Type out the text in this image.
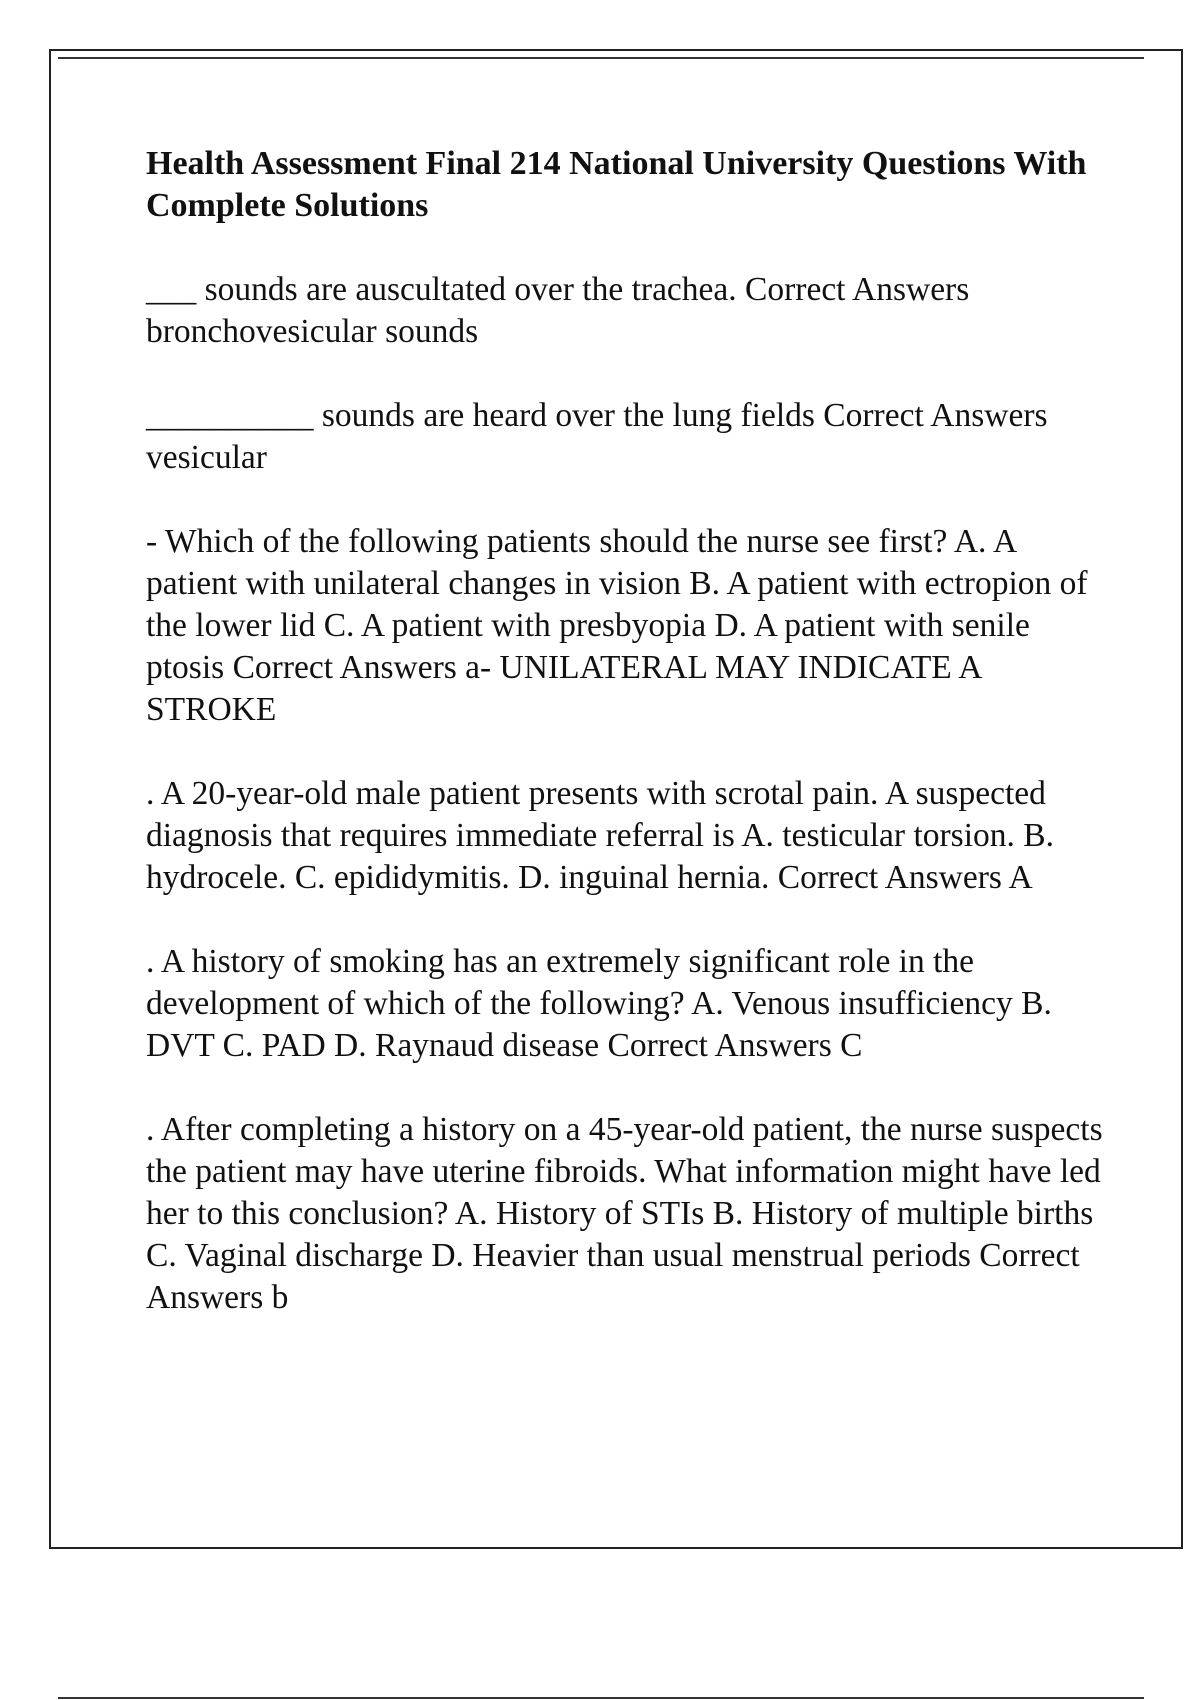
Health Assessment Final 214 National University Questions With Complete Solutions
___ sounds are auscultated over the trachea. Correct Answers bronchovesicular sounds
__________ sounds are heard over the lung fields Correct Answers vesicular
- Which of the following patients should the nurse see first? A. A patient with unilateral changes in vision B. A patient with ectropion of the lower lid C. A patient with presbyopia D. A patient with senile ptosis Correct Answers a- UNILATERAL MAY INDICATE A STROKE
. A 20-year-old male patient presents with scrotal pain. A suspected diagnosis that requires immediate referral is A. testicular torsion. B. hydrocele. C. epididymitis. D. inguinal hernia. Correct Answers A
. A history of smoking has an extremely significant role in the development of which of the following? A. Venous insufficiency B. DVT C. PAD D. Raynaud disease Correct Answers C
. After completing a history on a 45-year-old patient, the nurse suspects the patient may have uterine fibroids. What information might have led her to this conclusion? A. History of STIs B. History of multiple births C. Vaginal discharge D. Heavier than usual menstrual periods Correct Answers b
